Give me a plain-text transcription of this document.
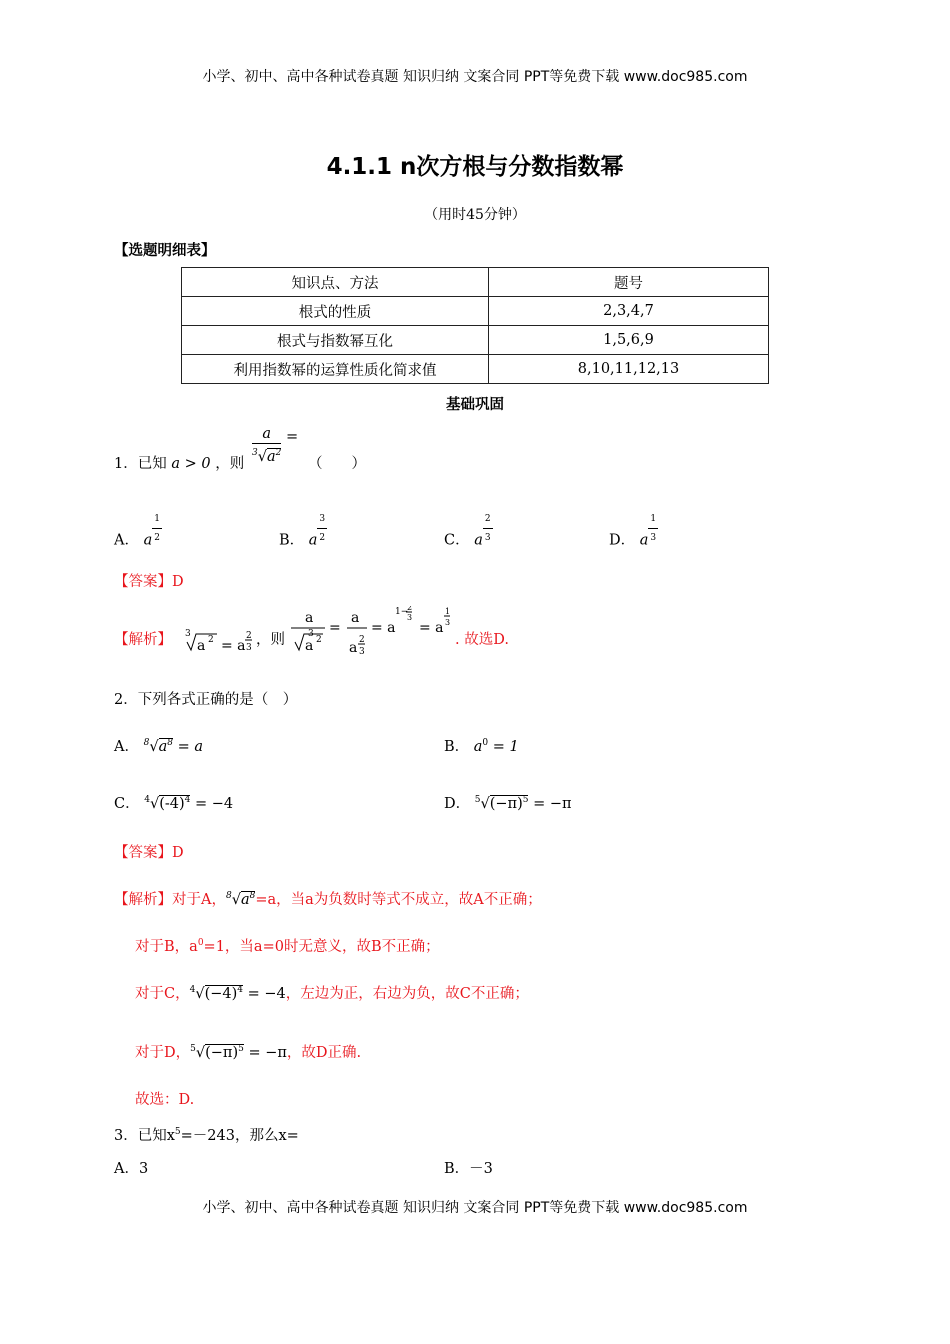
小学、初中、高中各种试卷真题 知识归纳 文案合同 PPT等免费下载 www.doc985.com
4.1.1 n次方根与分数指数幂
（用时45分钟）
【选题明细表】
知识点、方法	题号
根式的性质	2,3,4,7
根式与指数幂互化	1,5,6,9
利用指数幂的运算性质化简求值	8,10,11,12,13
基础巩固
1．已知 a > 0 ，则 $\frac{a}{^3√a^2}$ =
（　　）
A． a $\frac{1}{2}$	B． a $\frac{3}{2}$	C． a $\frac{2}{3}$	D． a $\frac{1}{3}$
【答案】D
【解析】 3
a 2 = a
2
3
3
a 2
a
=
a
a 2
3
= a
1−
2
3
= a
1
3
，则	. 故选D.
2．下列各式正确的是（　）
A． $^8√a^8 = a$	B． $a^0 = 1$
C． $^4√(-4)^4 = -4$	D． $^5√(-\pi)^5 = -\pi$
【答案】D
【解析】对于A，$^8√a^8=a$，当a为负数时等式不成立，故A不正确；
对于B，$a^0=1$，当a=0时无意义，故B不正确；
对于C，$^4√(-4)^4 = -4$，左边为正，右边为负，故C不正确；
对于D，$^5√(-\pi)^5 = -\pi$，故D正确.
故选：D.
3．已知$x^5=-243$，那么x=
A．3	B．－3
小学、初中、高中各种试卷真题 知识归纳 文案合同 PPT等免费下载 www.doc985.com
